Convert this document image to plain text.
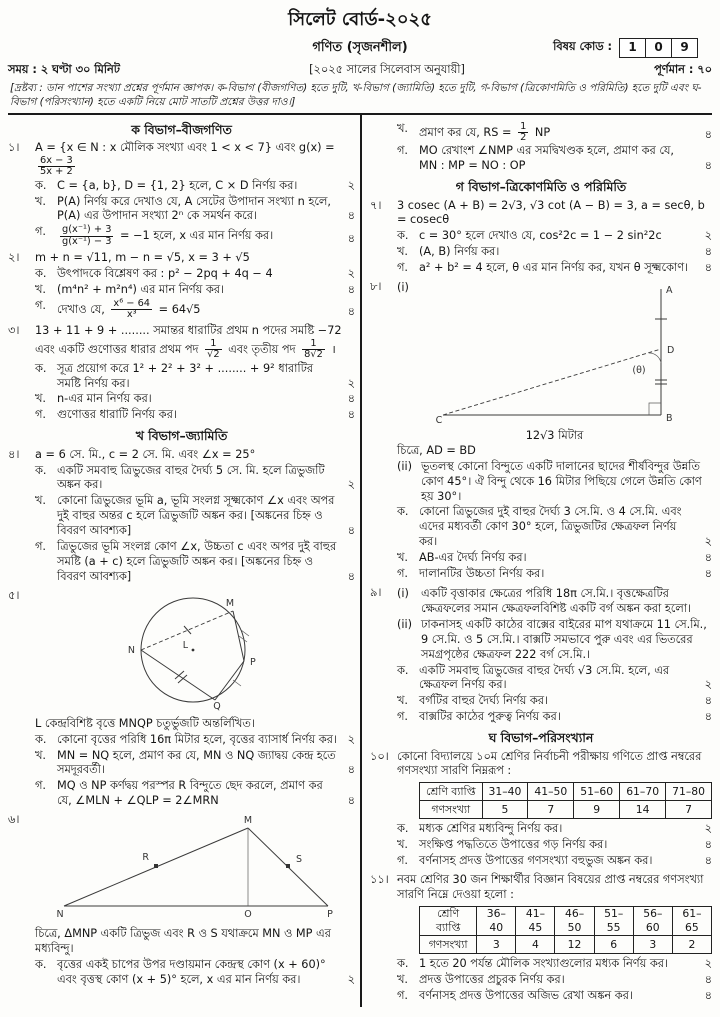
সিলেট বোর্ড-২০২৫
গণিত (সৃজনশীল)	বিষয় কোড :	1	0	9
সময় : ২ ঘণ্টা ৩০ মিনিট	[২০২৫ সালের সিলেবাস অনুযায়ী]	পূর্ণমান : ৭০
[দ্রষ্টব্য : ডান পাশের সংখ্যা প্রশ্নের পূর্ণমান জ্ঞাপক। ক-বিভাগ (বীজগণিত) হতে দুটি, খ-বিভাগ (জ্যামিতি) হতে দুটি, গ-বিভাগ (ত্রিকোণমিতি ও পরিমিতি) হতে দুটি এবং ঘ-বিভাগ (পরিসংখ্যান) হতে একটি নিয়ে মোট সাতটি প্রশ্নের উত্তর দাও।]
ক বিভাগ–বীজগণিত
১।	A = {x ∈ N : x মৌলিক সংখ্যা এবং 1 < x < 7} এবং g(x) =
$\frac{6x - 3}{5x + 2}$
ক. C = {a, b}, D = {1, 2} হলে, C × D নির্ণয় কর।	২
খ. P(A) নির্ণয় করে দেখাও যে, A সেটের উপাদান সংখ্যা n হলে, P(A) এর উপাদান সংখ্যা 2ⁿ কে সমর্থন করে।	৪
গ.	$\frac{\text{g(x⁻¹) + 3}}{\text{g(x⁻¹) − 3}} = -1$ হলে, x এর মান নির্ণয় কর।	৪
২।	m + n = √11, m − n = √5, x = 3 + √5
ক. উৎপাদকে বিশ্লেষণ কর : p² − 2pq + 4q − 4	২
খ. (m⁴n² + m²n⁴) এর মান নির্ণয় কর।	৪
গ. দেখাও যে, $\frac{\text{x⁶ − 64}}{\text{x³}} = 64√5$	৪
৩।	13 + 11 + 9 + ........ সমান্তর ধারাটির প্রথম n পদের সমষ্টি −72 এবং একটি গুণোত্তর ধারার প্রথম পদ $\frac{1}{√2}$ এবং তৃতীয় পদ $\frac{1}{8√2}$ ।
ক. সূত্র প্রয়োগ করে 1² + 2² + 3² + ........ + 9² ধারাটির সমষ্টি নির্ণয় কর।	২
খ. n-এর মান নির্ণয় কর।	৪
গ. গুণোত্তর ধারাটি নির্ণয় কর।	৪
খ বিভাগ–জ্যামিতি
৪।	a = 6 সে. মি., c = 2 সে. মি. এবং ∠x = 25°
ক. একটি সমবাহু ত্রিভুজের বাহুর দৈর্ঘ্য 5 সে. মি. হলে ত্রিভুজটি অঙ্কন কর।	২
খ. কোনো ত্রিভুজের ভূমি a, ভূমি সংলগ্ন সূক্ষ্মকোণ ∠x এবং অপর দুই বাহুর অন্তর c হলে ত্রিভুজটি অঙ্কন কর। [অঙ্কনের চিহ্ন ও বিবরণ আবশ্যক]	৪
গ. ত্রিভুজের ভূমি সংলগ্ন কোণ ∠x, উচ্চতা c এবং অপর দুই বাহুর সমষ্টি (a + c) হলে ত্রিভুজটি অঙ্কন কর। [অঙ্কনের চিহ্ন ও বিবরণ আবশ্যক]	৪
৫।
M
N
P
Q
L
L কেন্দ্রবিশিষ্ট বৃত্তে MNQP চতুর্ভুজটি অন্তর্লিখিত।
ক. কোনো বৃত্তের পরিধি 16π মিটার হলে, বৃত্তের ব্যাসার্ধ নির্ণয় কর। ২
খ. MN = NQ হলে, প্রমাণ কর যে, MN ও NQ জ্যাদ্বয় কেন্দ্র হতে সমদূরবর্তী।	৪
গ. MQ ও NP কর্ণদ্বয় পরস্পর R বিন্দুতে ছেদ করলে, প্রমাণ কর যে, ∠MLN + ∠QLP = 2∠MRN	৪
৬।	M
N	O	P
R	S
চিত্রে, ΔMNP একটি ত্রিভুজ এবং R ও S যথাক্রমে MN ও MP এর মধ্যবিন্দু।
ক. বৃত্তের একই চাপের উপর দণ্ডায়মান কেন্দ্রস্থ কোণ (x + 60)° এবং বৃত্তস্থ কোণ (x + 5)° হলে, x এর মান নির্ণয় কর।	২
খ. প্রমাণ কর যে, RS = $\frac{1}{2}$ NP	৪
গ. MO রেখাংশ ∠NMP এর সমদ্বিখণ্ডক হলে, প্রমাণ কর যে, MN : MP = NO : OP	৪
গ বিভাগ–ত্রিকোণমিতি ও পরিমিতি
৭।	3 cosec (A + B) = 2√3, √3 cot (A − B) = 3, a = secθ, b = cosecθ
ক. c = 30° হলে দেখাও যে, cos²2c = 1 − 2 sin²2c	২
খ. (A, B) নির্ণয় কর।	৪
গ. a² + b² = 4 হলে, θ এর মান নির্ণয় কর, যখন θ সূক্ষ্মকোণ।	৪
৮।	(i)	A
D
(θ)
B
C
12√3 মিটার
চিত্রে, AD = BD
(ii) ভূতলস্থ কোনো বিন্দুতে একটি দালানের ছাদের শীর্ষবিন্দুর উন্নতি কোণ 45°। ঐ বিন্দু থেকে 16 মিটার পিছিয়ে গেলে উন্নতি কোণ হয় 30°।
ক. কোনো ত্রিভুজের দুই বাহুর দৈর্ঘ্য 3 সে.মি. ও 4 সে.মি. এবং এদের মধ্যবর্তী কোণ 30° হলে, ত্রিভুজটির ক্ষেত্রফল নির্ণয় কর।	২
খ. AB-এর দৈর্ঘ্য নির্ণয় কর।	৪
গ. দালানটির উচ্চতা নির্ণয় কর।	৪
৯।	(i)	একটি বৃত্তাকার ক্ষেত্রের পরিধি 18π সে.মি.। বৃত্তক্ষেত্রটির ক্ষেত্রফলের সমান ক্ষেত্রফলবিশিষ্ট একটি বর্গ অঙ্কন করা হলো।
(ii) ঢাকনাসহ একটি কাঠের বাক্সের বাইরের মাপ যথাক্রমে 11 সে.মি., 9 সে.মি. ও 5 সে.মি.। বাক্সটি সমভাবে পুরু এবং এর ভিতরের সমগ্রপৃষ্ঠের ক্ষেত্রফল 222 বর্গ সে.মি.।
ক. একটি সমবাহু ত্রিভুজের বাহুর দৈর্ঘ্য √3 সে.মি. হলে, এর ক্ষেত্রফল নির্ণয় কর।	২
খ. বর্গটির বাহুর দৈর্ঘ্য নির্ণয় কর।	৪
গ. বাক্সটির কাঠের পুরুত্ব নির্ণয় কর।	৪
ঘ বিভাগ–পরিসংখ্যান
১০। কোনো বিদ্যালয়ে ১০ম শ্রেণির নির্বাচনী পরীক্ষায় গণিতে প্রাপ্ত নম্বরের গণসংখ্যা সারণি নিম্নরূপ :
শ্রেণি ব্যাপ্তি	31–40	41–50	51–60	61–70	71–80
গণসংখ্যা	5	7	9	14	7
ক. মধ্যক শ্রেণির মধ্যবিন্দু নির্ণয় কর।	২
খ. সংক্ষিপ্ত পদ্ধতিতে উপাত্তের গড় নির্ণয় কর।	৪
গ. বর্ণনাসহ প্রদত্ত উপাত্তের গণসংখ্যা বহুভুজ অঙ্কন কর।	৪
১১। নবম শ্রেণির 30 জন শিক্ষার্থীর বিজ্ঞান বিষয়ের প্রাপ্ত নম্বরের গণসংখ্যা সারণি নিম্নে দেওয়া হলো :
শ্রেণি ব্যাপ্তি	36–40	41–45	46–50	51–55	56–60	61–65
গণসংখ্যা	3	4	12	6	3	2
ক. 1 হতে 20 পর্যন্ত মৌলিক সংখ্যাগুলোর মধ্যক নির্ণয় কর।	২
খ. প্রদত্ত উপাত্তের প্রচুরক নির্ণয় কর।	৪
গ. বর্ণনাসহ প্রদত্ত উপাত্তের অজিভ রেখা অঙ্কন কর।	৪
